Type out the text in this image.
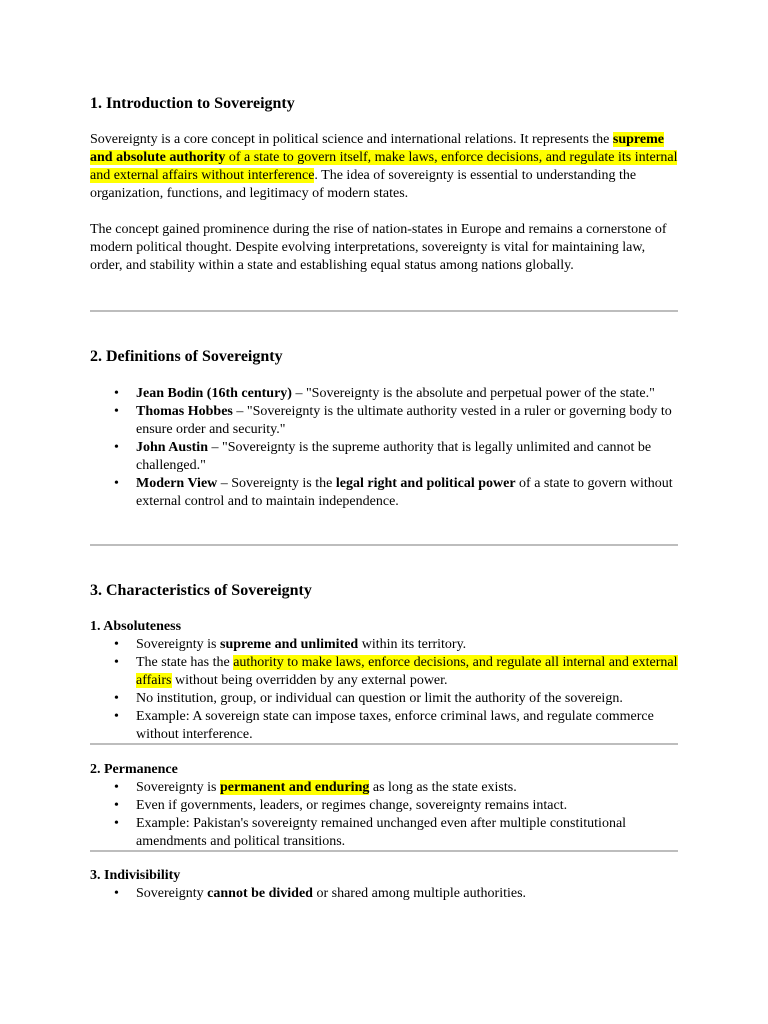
1. Introduction to Sovereignty

Sovereignty is a core concept in political science and international relations. It represents the supreme and absolute authority of a state to govern itself, make laws, enforce decisions, and regulate its internal and external affairs without interference. The idea of sovereignty is essential to understanding the organization, functions, and legitimacy of modern states.

The concept gained prominence during the rise of nation-states in Europe and remains a cornerstone of modern political thought. Despite evolving interpretations, sovereignty is vital for maintaining law, order, and stability within a state and establishing equal status among nations globally.

2. Definitions of Sovereignty
• Jean Bodin (16th century) – "Sovereignty is the absolute and perpetual power of the state."
• Thomas Hobbes – "Sovereignty is the ultimate authority vested in a ruler or governing body to ensure order and security."
• John Austin – "Sovereignty is the supreme authority that is legally unlimited and cannot be challenged."
• Modern View – Sovereignty is the legal right and political power of a state to govern without external control and to maintain independence.
3. Characteristics of Sovereignty
1. Absoluteness
• Sovereignty is supreme and unlimited within its territory.
• The state has the authority to make laws, enforce decisions, and regulate all internal and external affairs without being overridden by any external power.
• No institution, group, or individual can question or limit the authority of the sovereign.
• Example: A sovereign state can impose taxes, enforce criminal laws, and regulate commerce without interference.
2. Permanence
• Sovereignty is permanent and enduring as long as the state exists.
• Even if governments, leaders, or regimes change, sovereignty remains intact.
• Example: Pakistan's sovereignty remained unchanged even after multiple constitutional amendments and political transitions.
3. Indivisibility
• Sovereignty cannot be divided or shared among multiple authorities.
